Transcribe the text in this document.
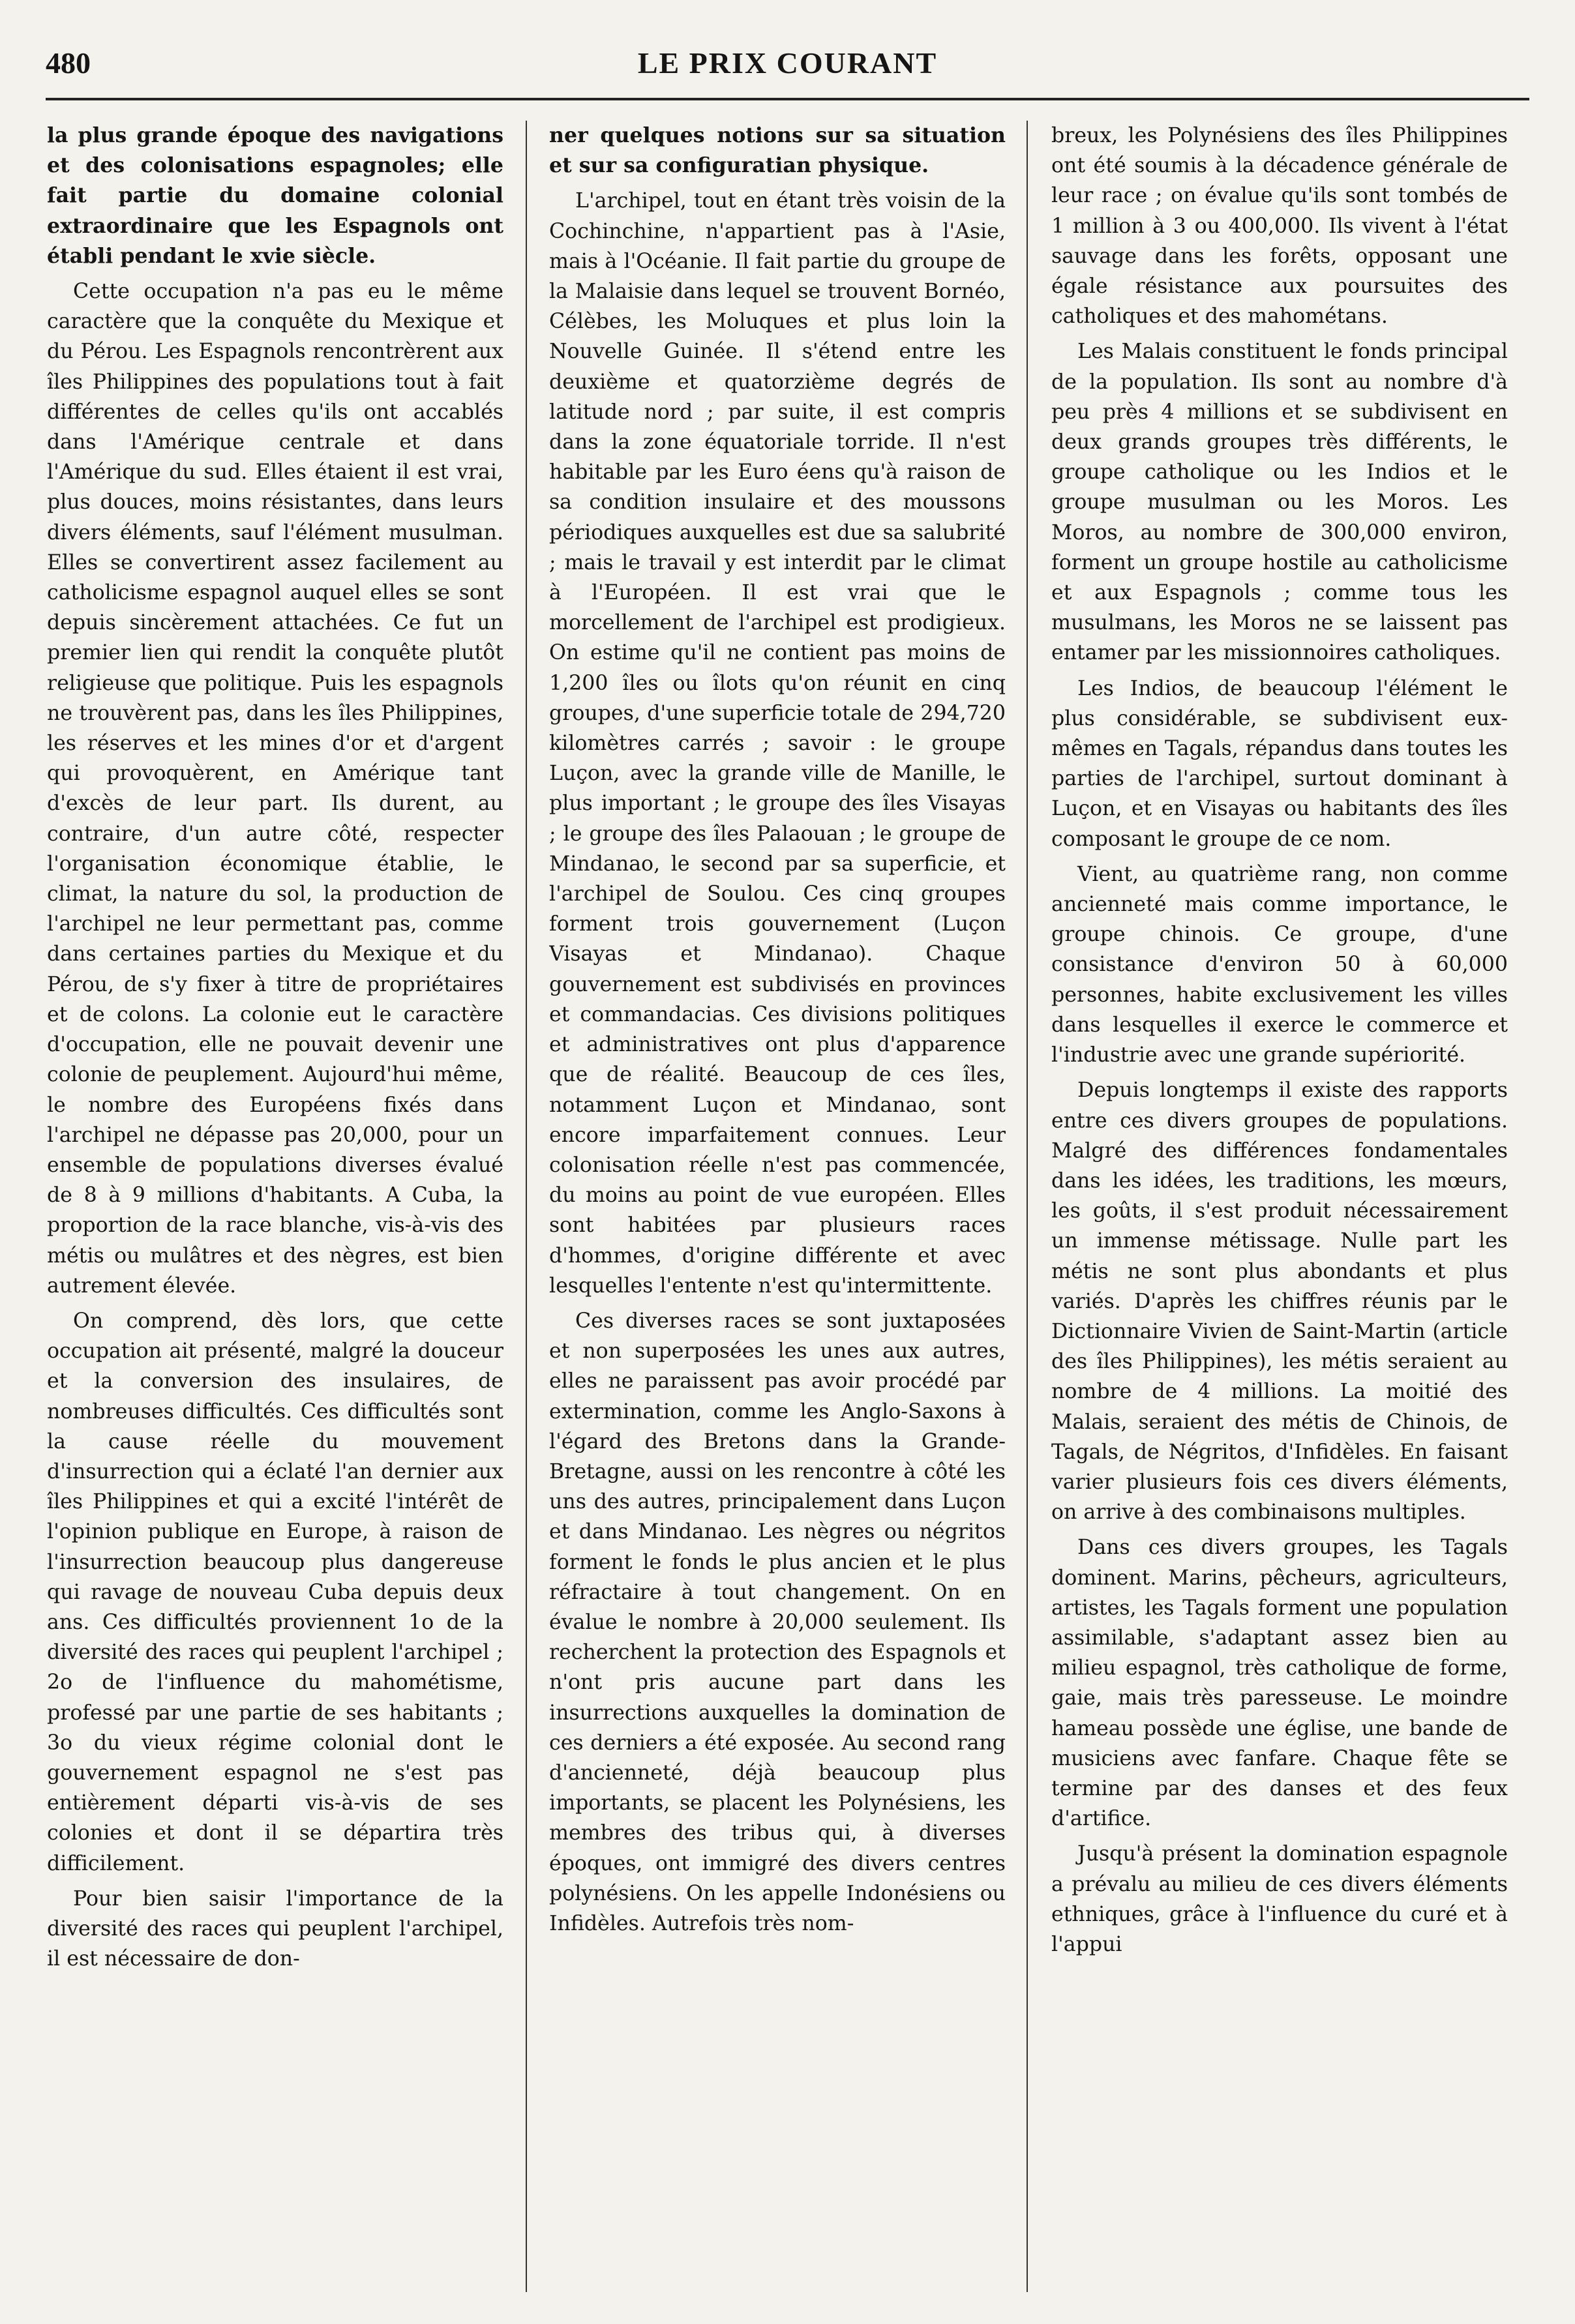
480	LE PRIX COURANT

la plus grande époque des navigations et des colonisations espagnoles; elle fait partie du domaine colonial extraordinaire que les Espagnols ont établi pendant le xvie siècle.

Cette occupation n'a pas eu le même caractère que la conquête du Mexique et du Pérou. Les Espagnols rencontrèrent aux îles Philippines des populations tout à fait différentes de celles qu'ils ont accablés dans l'Amérique centrale et dans l'Amérique du sud. Elles étaient il est vrai, plus douces, moins résistantes, dans leurs divers éléments, sauf l'élément musulman. Elles se convertirent assez facilement au catholicisme espagnol auquel elles se sont depuis sincèrement attachées. Ce fut un premier lien qui rendit la conquête plutôt religieuse que politique. Puis les espagnols ne trouvèrent pas, dans les îles Philippines, les réserves et les mines d'or et d'argent qui provoquèrent, en Amérique tant d'excès de leur part. Ils durent, au contraire, d'un autre côté, respecter l'organisation économique établie, le climat, la nature du sol, la production de l'archipel ne leur permettant pas, comme dans certaines parties du Mexique et du Pérou, de s'y fixer à titre de propriétaires et de colons. La colonie eut le caractère d'occupation, elle ne pouvait devenir une colonie de peuplement. Aujourd'hui même, le nombre des Européens fixés dans l'archipel ne dépasse pas 20,000, pour un ensemble de populations diverses évalué de 8 à 9 millions d'habitants. A Cuba, la proportion de la race blanche, vis-à-vis des métis ou mulâtres et des nègres, est bien autrement élevée.

On comprend, dès lors, que cette occupation ait présenté, malgré la douceur et la conversion des insulaires, de nombreuses difficultés. Ces difficultés sont la cause réelle du mouvement d'insurrection qui a éclaté l'an dernier aux îles Philippines et qui a excité l'intérêt de l'opinion publique en Europe, à raison de l'insurrection beaucoup plus dangereuse qui ravage de nouveau Cuba depuis deux ans. Ces difficultés proviennent 1o de la diversité des races qui peuplent l'archipel ; 2o de l'influence du mahométisme, professé par une partie de ses habitants ; 3o du vieux régime colonial dont le gouvernement espagnol ne s'est pas entièrement départi vis-à-vis de ses colonies et dont il se départira très difficilement.

Pour bien saisir l'importance de la diversité des races qui peuplent l'archipel, il est nécessaire de don-

ner quelques notions sur sa situation et sur sa configuratian physique.

L'archipel, tout en étant très voisin de la Cochinchine, n'appartient pas à l'Asie, mais à l'Océanie. Il fait partie du groupe de la Malaisie dans lequel se trouvent Bornéo, Célèbes, les Moluques et plus loin la Nouvelle Guinée. Il s'étend entre les deuxième et quatorzième degrés de latitude nord ; par suite, il est compris dans la zone équatoriale torride. Il n'est habitable par les Euro éens qu'à raison de sa condition insulaire et des moussons périodiques auxquelles est due sa salubrité ; mais le travail y est interdit par le climat à l'Européen. Il est vrai que le morcellement de l'archipel est prodigieux. On estime qu'il ne contient pas moins de 1,200 îles ou îlots qu'on réunit en cinq groupes, d'une superficie totale de 294,720 kilomètres carrés ; savoir : le groupe Luçon, avec la grande ville de Manille, le plus important ; le groupe des îles Visayas ; le groupe des îles Palaouan ; le groupe de Mindanao, le second par sa superficie, et l'archipel de Soulou. Ces cinq groupes forment trois gouvernement (Luçon Visayas et Mindanao). Chaque gouvernement est subdivisés en provinces et commandacias. Ces divisions politiques et administratives ont plus d'apparence que de réalité. Beaucoup de ces îles, notamment Luçon et Mindanao, sont encore imparfaitement connues. Leur colonisation réelle n'est pas commencée, du moins au point de vue européen. Elles sont habitées par plusieurs races d'hommes, d'origine différente et avec lesquelles l'entente n'est qu'intermittente.

Ces diverses races se sont juxtaposées et non superposées les unes aux autres, elles ne paraissent pas avoir procédé par extermination, comme les Anglo-Saxons à l'égard des Bretons dans la Grande-Bretagne, aussi on les rencontre à côté les uns des autres, principalement dans Luçon et dans Mindanao. Les nègres ou négritos forment le fonds le plus ancien et le plus réfractaire à tout changement. On en évalue le nombre à 20,000 seulement. Ils recherchent la protection des Espagnols et n'ont pris aucune part dans les insurrections auxquelles la domination de ces derniers a été exposée. Au second rang d'ancienneté, déjà beaucoup plus importants, se placent les Polynésiens, les membres des tribus qui, à diverses époques, ont immigré des divers centres polynésiens. On les appelle Indonésiens ou Infidèles. Autrefois très nom-

breux, les Polynésiens des îles Philippines ont été soumis à la décadence générale de leur race ; on évalue qu'ils sont tombés de 1 million à 3 ou 400,000. Ils vivent à l'état sauvage dans les forêts, opposant une égale résistance aux poursuites des catholiques et des mahométans.

Les Malais constituent le fonds principal de la population. Ils sont au nombre d'à peu près 4 millions et se subdivisent en deux grands groupes très différents, le groupe catholique ou les Indios et le groupe musulman ou les Moros. Les Moros, au nombre de 300,000 environ, forment un groupe hostile au catholicisme et aux Espagnols ; comme tous les musulmans, les Moros ne se laissent pas entamer par les missionnoires catholiques.

Les Indios, de beaucoup l'élément le plus considérable, se subdivisent eux-mêmes en Tagals, répandus dans toutes les parties de l'archipel, surtout dominant à Luçon, et en Visayas ou habitants des îles composant le groupe de ce nom.

Vient, au quatrième rang, non comme ancienneté mais comme importance, le groupe chinois. Ce groupe, d'une consistance d'environ 50 à 60,000 personnes, habite exclusivement les villes dans lesquelles il exerce le commerce et l'industrie avec une grande supériorité.

Depuis longtemps il existe des rapports entre ces divers groupes de populations. Malgré des différences fondamentales dans les idées, les traditions, les mœurs, les goûts, il s'est produit nécessairement un immense métissage. Nulle part les métis ne sont plus abondants et plus variés. D'après les chiffres réunis par le Dictionnaire Vivien de Saint-Martin (article des îles Philippines), les métis seraient au nombre de 4 millions. La moitié des Malais, seraient des métis de Chinois, de Tagals, de Négritos, d'Infidèles. En faisant varier plusieurs fois ces divers éléments, on arrive à des combinaisons multiples.

Dans ces divers groupes, les Tagals dominent. Marins, pêcheurs, agriculteurs, artistes, les Tagals forment une population assimilable, s'adaptant assez bien au milieu espagnol, très catholique de forme, gaie, mais très paresseuse. Le moindre hameau possède une église, une bande de musiciens avec fanfare. Chaque fête se termine par des danses et des feux d'artifice.

Jusqu'à présent la domination espagnole a prévalu au milieu de ces divers éléments ethniques, grâce à l'influence du curé et à l'appui
